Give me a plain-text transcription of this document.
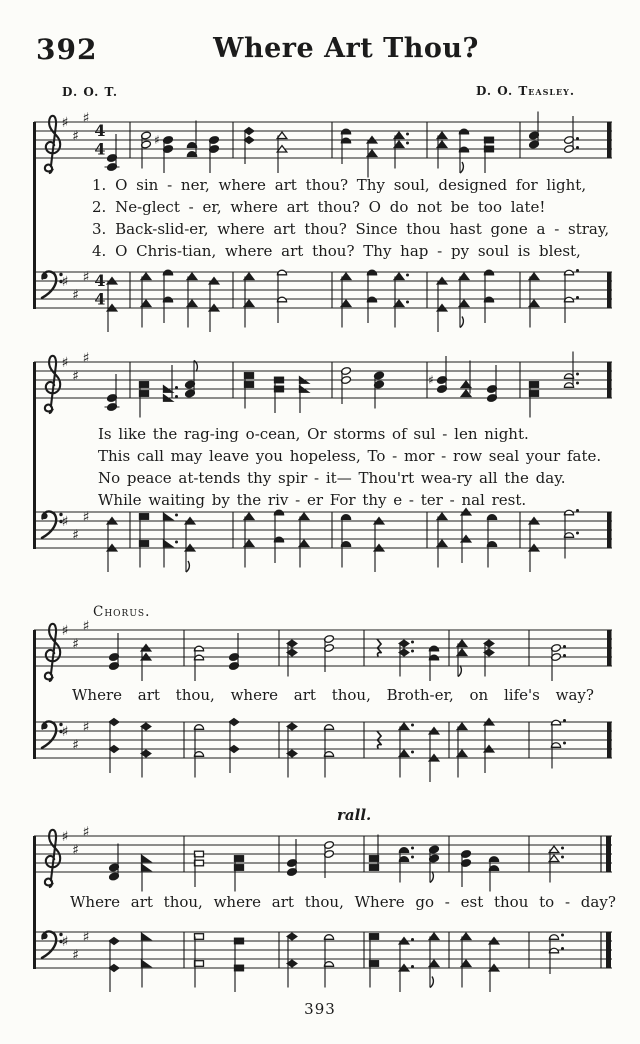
392	Where Art Thou?
D. O. T.	D. O. Teasley.
♯
♯
♯
4
4	♯
1. O sin - ner, where art thou? Thy soul, designed for light,
2. Ne-glect - er, where art thou? O do not be too late!
3. Back-slid-er, where art thou? Since thou hast gone a - stray,
4. O Chris-tian, where art thou? Thy hap - py soul is blest,
♯
♯
♯ 4
4
♯
♯
♯
♯
Is like the rag-ing o-cean, Or storms of sul - len night.
This call may leave you hopeless, To - mor - row seal your fate.
No peace at-tends thy spir - it— Thou'rt wea-ry all the day.
While waiting by the riv - er For thy e - ter - nal rest.
♯
♯
♯
Chorus.
♯
♯
♯
Where art thou, where art thou, Broth-er, on life's way?
♯
♯
♯
rall.
♯
♯
♯
Where art thou, where art thou, Where go - est thou to - day?
♯
♯
♯
393
